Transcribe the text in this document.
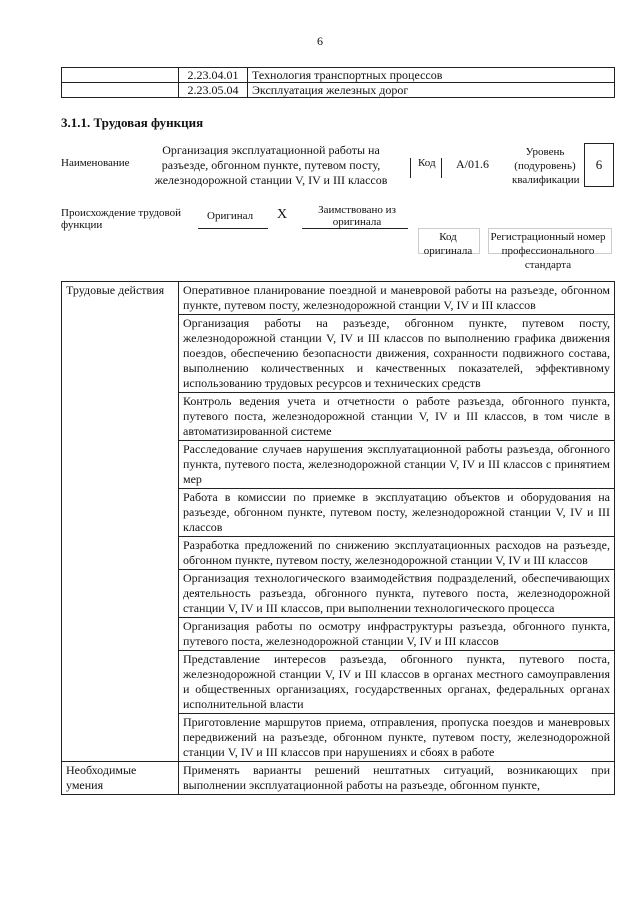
6
	2.23.04.01	Технология транспортных процессов
	2.23.05.04	Эксплуатация железных дорог
3.1.1. Трудовая функция
Наименование
Организация эксплуатационной работы на разъезде, обгонном пункте, путевом посту, железнодорожной станции V, IV и III классов
Код A/01.6
Уровень (подуровень) квалификации
6
Происхождение трудовой функции
Оригинал X	Заимствовано из оригинала
Код оригинала
Регистрационный номер профессионального стандарта
Трудовые действия	Оперативное планирование поездной и маневровой работы на разъезде, обгонном пункте, путевом посту, железнодорожной станции V, IV и III классов
	Организация работы на разъезде, обгонном пункте, путевом посту, железнодорожной станции V, IV и III классов по выполнению графика движения поездов, обеспечению безопасности движения, сохранности подвижного состава, выполнению количественных и качественных показателей, эффективному использованию трудовых ресурсов и технических средств
	Контроль ведения учета и отчетности о работе разъезда, обгонного пункта, путевого поста, железнодорожной станции V, IV и III классов, в том числе в автоматизированной системе
	Расследование случаев нарушения эксплуатационной работы разъезда, обгонного пункта, путевого поста, железнодорожной станции V, IV и III классов с принятием мер
	Работа в комиссии по приемке в эксплуатацию объектов и оборудования на разъезде, обгонном пункте, путевом посту, железнодорожной станции V, IV и III классов
	Разработка предложений по снижению эксплуатационных расходов на разъезде, обгонном пункте, путевом посту, железнодорожной станции V, IV и III классов
	Организация технологического взаимодействия подразделений, обеспечивающих деятельность разъезда, обгонного пункта, путевого поста, железнодорожной станции V, IV и III классов, при выполнении технологического процесса
	Организация работы по осмотру инфраструктуры разъезда, обгонного пункта, путевого поста, железнодорожной станции V, IV и III классов
	Представление интересов разъезда, обгонного пункта, путевого поста, железнодорожной станции V, IV и III классов в органах местного самоуправления и общественных организациях, государственных органах, федеральных органах исполнительной власти
	Приготовление маршрутов приема, отправления, пропуска поездов и маневровых передвижений на разъезде, обгонном пункте, путевом посту, железнодорожной станции V, IV и III классов при нарушениях и сбоях в работе
Необходимые умения	Применять варианты решений нештатных ситуаций, возникающих при выполнении эксплуатационной работы на разъезде, обгонном пункте,
